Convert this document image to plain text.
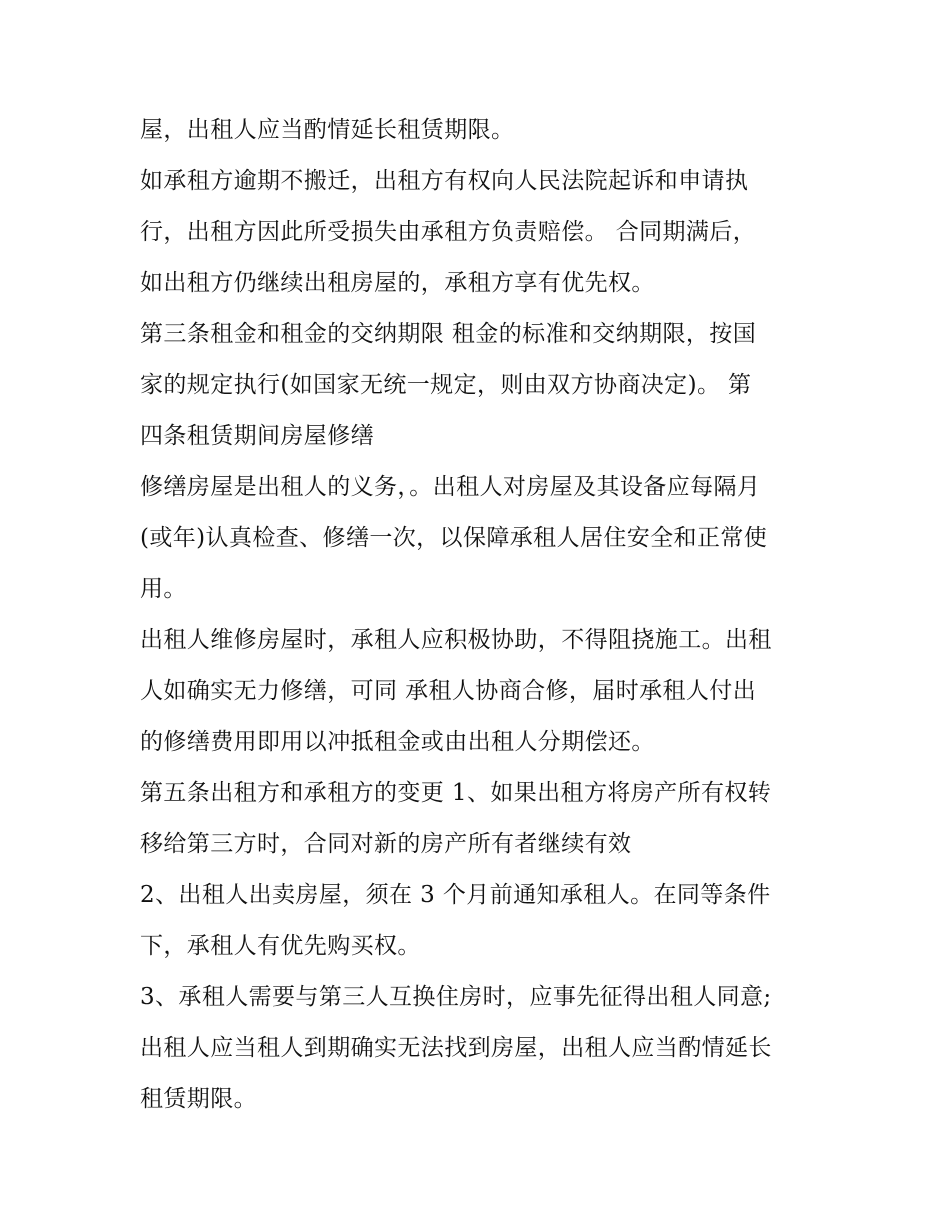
屋，出租人应当酌情延长租赁期限。
如承租方逾期不搬迁，出租方有权向人民法院起诉和申请执
行，出租方因此所受损失由承租方负责赔偿。 合同期满后，
如出租方仍继续出租房屋的，承租方享有优先权。
第三条租金和租金的交纳期限 租金的标准和交纳期限，按国
家的规定执行(如国家无统一规定，则由双方协商决定)。 第
四条租赁期间房屋修缮
修缮房屋是出租人的义务，。出租人对房屋及其设备应每隔月
(或年)认真检查、修缮一次，以保障承租人居住安全和正常使
用。
出租人维修房屋时，承租人应积极协助，不得阻挠施工。出租
人如确实无力修缮，可同 承租人协商合修，届时承租人付出
的修缮费用即用以冲抵租金或由出租人分期偿还。
第五条出租方和承租方的变更 1、如果出租方将房产所有权转
移给第三方时，合同对新的房产所有者继续有效
2、出租人出卖房屋，须在 3 个月前通知承租人。在同等条件
下，承租人有优先购买权。
3、承租人需要与第三人互换住房时，应事先征得出租人同意;
出租人应当租人到期确实无法找到房屋，出租人应当酌情延长
租赁期限。
